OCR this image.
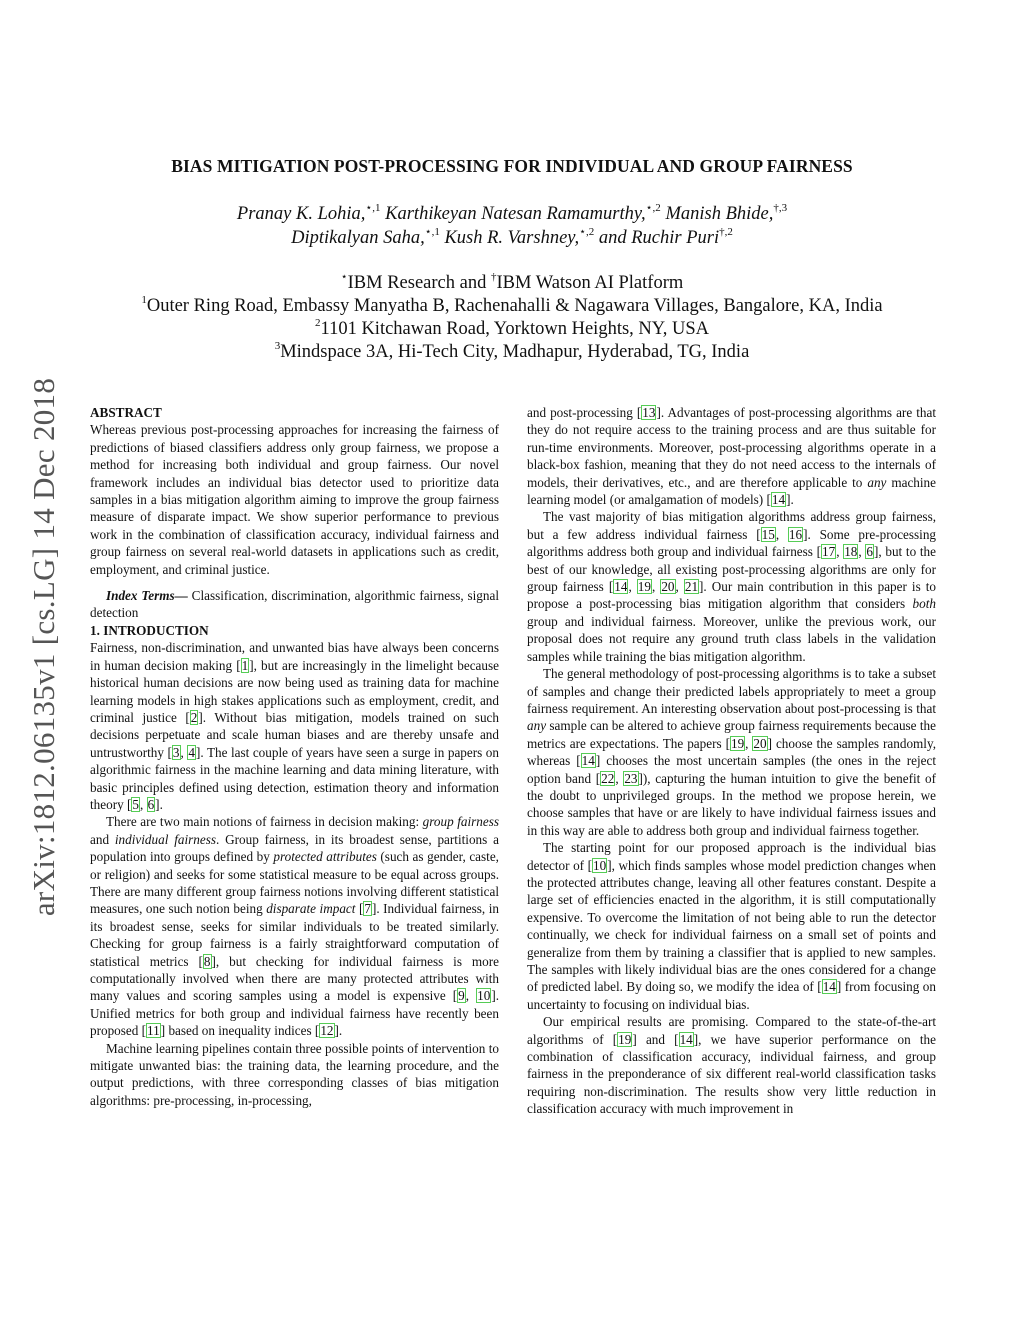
arXiv:1812.06135v1 [cs.LG] 14 Dec 2018
BIAS MITIGATION POST-PROCESSING FOR INDIVIDUAL AND GROUP FAIRNESS
Pranay K. Lohia,$^{⋆,1}$ Karthikeyan Natesan Ramamurthy,$^{⋆,2}$ Manish Bhide,$^{\dagger,3}$
Diptikalyan Saha,$^{⋆,1}$ Kush R. Varshney,$^{⋆,2}$ and Ruchir Puri$^{\dagger,2}$
⋆IBM Research and †IBM Watson AI Platform
$^1$Outer Ring Road, Embassy Manyatha B, Rachenahalli & Nagawara Villages, Bangalore, KA, India
$^2$1101 Kitchawan Road, Yorktown Heights, NY, USA
$^3$Mindspace 3A, Hi-Tech City, Madhapur, Hyderabad, TG, India

ABSTRACT

Whereas previous post-processing approaches for increasing the fairness of predictions of biased classifiers address only group fairness, we propose a method for increasing both individual and group fairness. Our novel framework includes an individual bias detector used to prioritize data samples in a bias mitigation algorithm aiming to improve the group fairness measure of disparate impact. We show superior performance to previous work in the combination of classification accuracy, individual fairness and group fairness on several real-world datasets in applications such as credit, employment, and criminal justice.

Index Terms— Classification, discrimination, algorithmic fairness, signal detection

1. INTRODUCTION

Fairness, non-discrimination, and unwanted bias have always been concerns in human decision making [1], but are increasingly in the limelight because historical human decisions are now being used as training data for machine learning models in high stakes applications such as employment, credit, and criminal justice [2]. Without bias mitigation, models trained on such decisions perpetuate and scale human biases and are thereby unsafe and untrustworthy [3, 4]. The last couple of years have seen a surge in papers on algorithmic fairness in the machine learning and data mining literature, with basic principles defined using detection, estimation theory and information theory [5, 6].

There are two main notions of fairness in decision making: group fairness and individual fairness. Group fairness, in its broadest sense, partitions a population into groups defined by protected attributes (such as gender, caste, or religion) and seeks for some statistical measure to be equal across groups. There are many different group fairness notions involving different statistical measures, one such notion being disparate impact [7]. Individual fairness, in its broadest sense, seeks for similar individuals to be treated similarly. Checking for group fairness is a fairly straightforward computation of statistical metrics [8], but checking for individual fairness is more computationally involved when there are many protected attributes with many values and scoring samples using a model is expensive [9, 10]. Unified metrics for both group and individual fairness have recently been proposed [11] based on inequality indices [12].

Machine learning pipelines contain three possible points of intervention to mitigate unwanted bias: the training data, the learning procedure, and the output predictions, with three corresponding classes of bias mitigation algorithms: pre-processing, in-processing,

and post-processing [13]. Advantages of post-processing algorithms are that they do not require access to the training process and are thus suitable for run-time environments. Moreover, post-processing algorithms operate in a black-box fashion, meaning that they do not need access to the internals of models, their derivatives, etc., and are therefore applicable to any machine learning model (or amalgamation of models) [14].

The vast majority of bias mitigation algorithms address group fairness, but a few address individual fairness [15, 16]. Some pre-processing algorithms address both group and individual fairness [17, 18, 6], but to the best of our knowledge, all existing post-processing algorithms are only for group fairness [14, 19, 20, 21]. Our main contribution in this paper is to propose a post-processing bias mitigation algorithm that considers both group and individual fairness. Moreover, unlike the previous work, our proposal does not require any ground truth class labels in the validation samples while training the bias mitigation algorithm.

The general methodology of post-processing algorithms is to take a subset of samples and change their predicted labels appropriately to meet a group fairness requirement. An interesting observation about post-processing is that any sample can be altered to achieve group fairness requirements because the metrics are expectations. The papers [19, 20] choose the samples randomly, whereas [14] chooses the most uncertain samples (the ones in the reject option band [22, 23]), capturing the human intuition to give the benefit of the doubt to unprivileged groups. In the method we propose herein, we choose samples that have or are likely to have individual fairness issues and in this way are able to address both group and individual fairness together.

The starting point for our proposed approach is the individual bias detector of [10], which finds samples whose model prediction changes when the protected attributes change, leaving all other features constant. Despite a large set of efficiencies enacted in the algorithm, it is still computationally expensive. To overcome the limitation of not being able to run the detector continually, we check for individual fairness on a small set of points and generalize from them by training a classifier that is applied to new samples. The samples with likely individual bias are the ones considered for a change of predicted label. By doing so, we modify the idea of [14] from focusing on uncertainty to focusing on individual bias.

Our empirical results are promising. Compared to the state-of-the-art algorithms of [19] and [14], we have superior performance on the combination of classification accuracy, individual fairness, and group fairness in the preponderance of six different real-world classification tasks requiring non-discrimination. The results show very little reduction in classification accuracy with much improvement in
